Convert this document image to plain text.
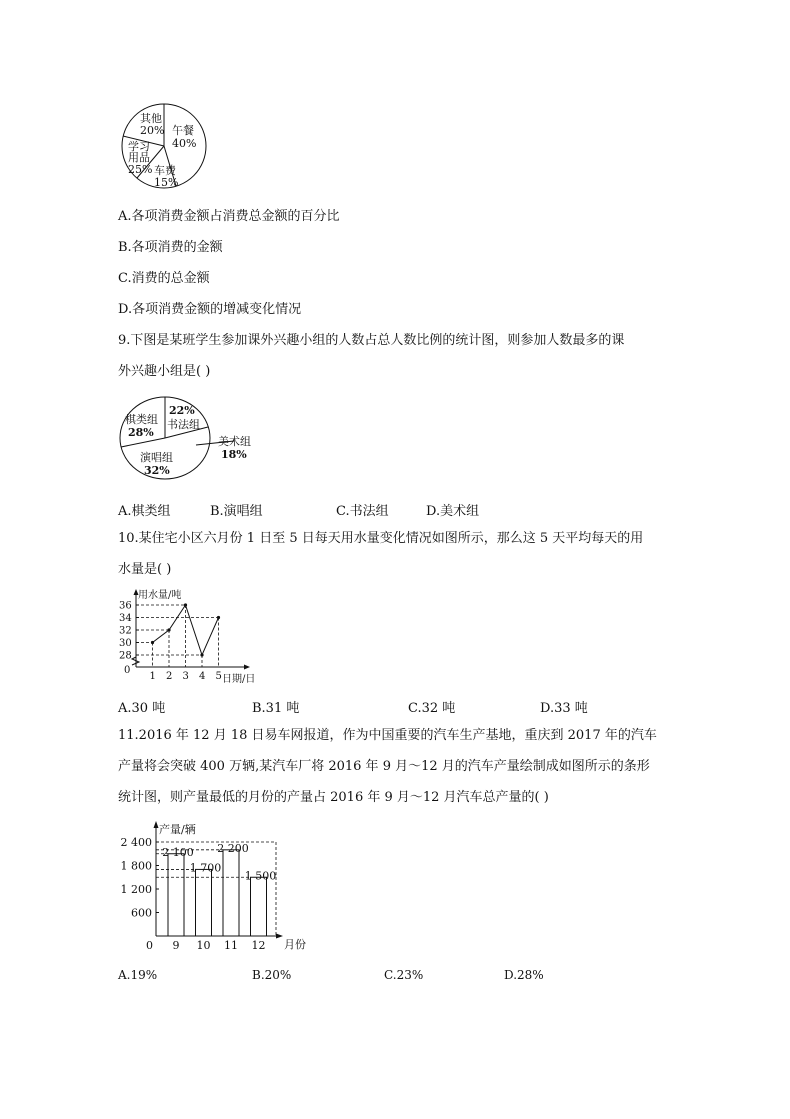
其他
20% 午餐
40%
学习
用品
25% 车费
15%
A.各项消费金额占消费总金额的百分比
B.各项消费的金额
C.消费的总金额
D.各项消费金额的增减变化情况
9.下图是某班学生参加课外兴趣小组的人数占总人数比例的统计图，则参加人数最多的课
外兴趣小组是( )
22%
书法组
棋类组
28%
美术组
18%
演唱组
32%
A.棋类组	B.演唱组	C.书法组	D.美术组
10.某住宅小区六月份 1 日至 5 日每天用水量变化情况如图所示，那么这 5 天平均每天的用
水量是( )
用水量/吨
日期/日
0
28
30
32
34
36
1 2 3 4 5
A.30 吨	B.31 吨	C.32 吨	D.33 吨
11.2016 年 12 月 18 日易车网报道，作为中国重要的汽车生产基地，重庆到 2017 年的汽车
产量将会突破 400 万辆,某汽车厂将 2016 年 9 月～12 月的汽车产量绘制成如图所示的条形
统计图，则产量最低的月份的产量占 2016 年 9 月～12 月汽车总产量的( )
产量/辆
月份
0
600
1 200
1 800
2 400
2 100
9
1 700
10
2 200
11
1 500
12
A.19%	B.20%	C.23%	D.28%
